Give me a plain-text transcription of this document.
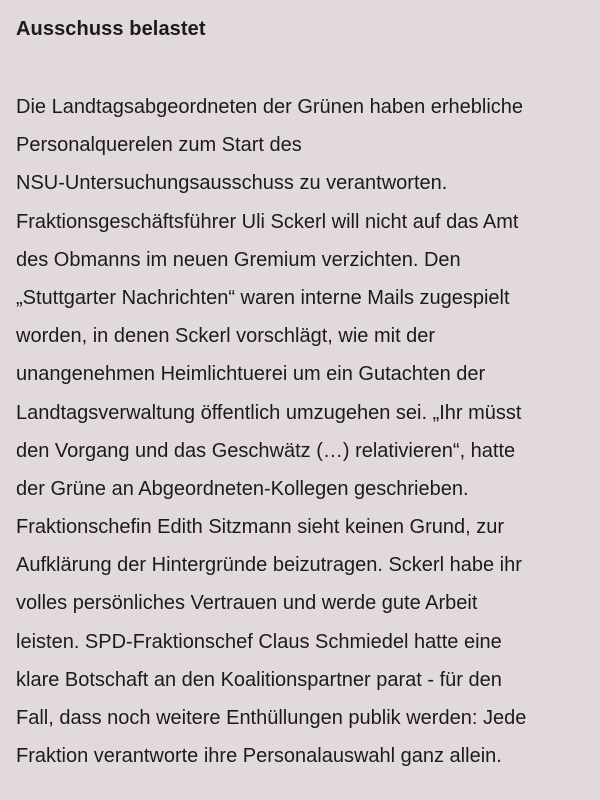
Ausschuss belastet
Die Landtagsabgeordneten der Grünen haben erhebliche
Personalquerelen zum Start des
NSU-Untersuchungsausschuss zu verantworten.
Fraktionsgeschäftsführer Uli Sckerl will nicht auf das Amt
des Obmanns im neuen Gremium verzichten. Den
„Stuttgarter Nachrichten“ waren interne Mails zugespielt
worden, in denen Sckerl vorschlägt, wie mit der
unangenehmen Heimlichtuerei um ein Gutachten der
Landtagsverwaltung öffentlich umzugehen sei. „Ihr müsst
den Vorgang und das Geschwätz (…) relativieren“, hatte
der Grüne an Abgeordneten-Kollegen geschrieben.
Fraktionschefin Edith Sitzmann sieht keinen Grund, zur
Aufklärung der Hintergründe beizutragen. Sckerl habe ihr
volles persönliches Vertrauen und werde gute Arbeit
leisten. SPD-Fraktionschef Claus Schmiedel hatte eine
klare Botschaft an den Koalitionspartner parat - für den
Fall, dass noch weitere Enthüllungen publik werden: Jede
Fraktion verantworte ihre Personalauswahl ganz allein.
